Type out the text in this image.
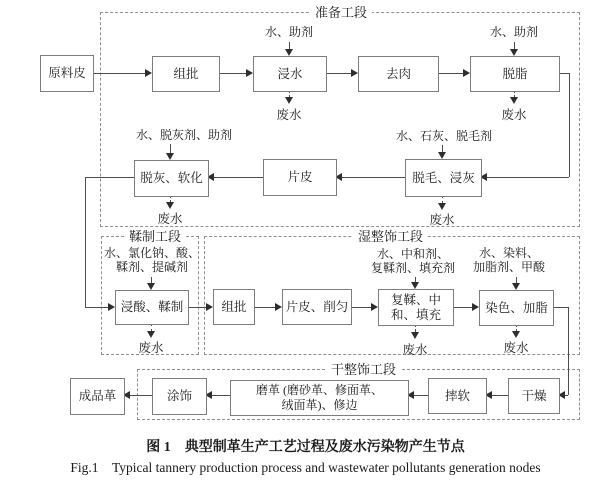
准备工段
鞣制工段	湿整饰工段
干整饰工段
原料皮	组批	浸水	去肉	脱脂
脱灰、软化	片皮	脱毛、浸灰
浸酸、鞣制	组批	片皮、削匀	复鞣、中
和、填充	染色、加脂
成品革	涂饰	磨革 (磨砂革、修面革、
绒面革)、修边
摔软	干燥
水、助剂	水、助剂
水、脱灰剂、助剂	水、石灰、脱毛剂
水、氯化钠、酸、
鞣剂、提碱剂
水、中和剂、
复鞣剂、填充剂
水、染料、
加脂剂、甲酸
废水	废水
废水	废水
废水	废水	废水
图 1　典型制革生产工艺过程及废水污染物产生节点
Fig.1　Typical tannery production process and wastewater pollutants generation nodes
